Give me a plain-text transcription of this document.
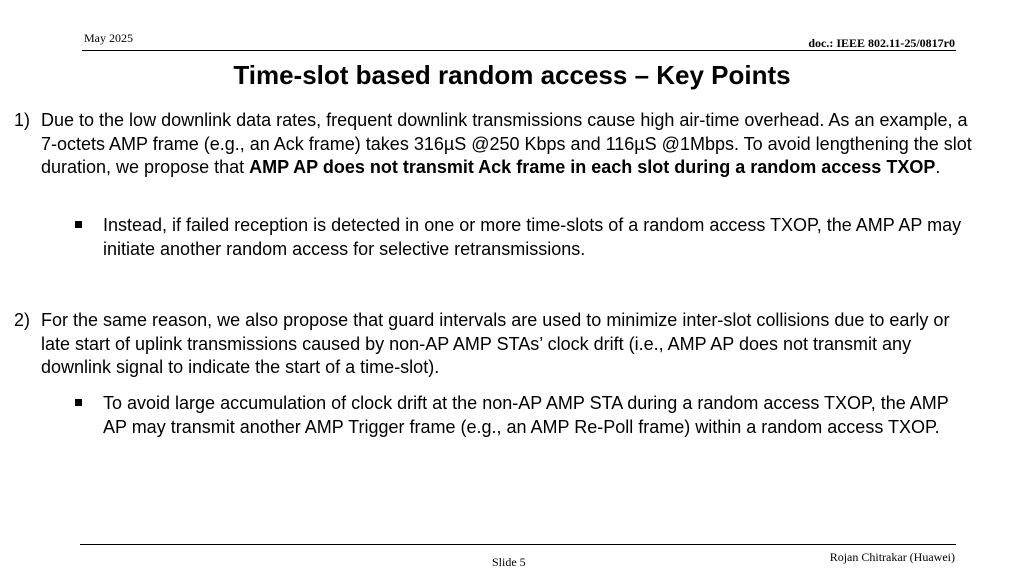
May 2025	doc.: IEEE 802.11-25/0817r0
Time-slot based random access – Key Points
1) Due to the low downlink data rates, frequent downlink transmissions cause high air-time overhead. As an example, a 7-octets AMP frame (e.g., an Ack frame) takes 316µS @250 Kbps and 116µS @1Mbps. To avoid lengthening the slot duration, we propose that AMP AP does not transmit Ack frame in each slot during a random access TXOP.
Instead, if failed reception is detected in one or more time-slots of a random access TXOP, the AMP AP may initiate another random access for selective retransmissions.
2) For the same reason, we also propose that guard intervals are used to minimize inter-slot collisions due to early or late start of uplink transmissions caused by non-AP AMP STAs’ clock drift (i.e., AMP AP does not transmit any downlink signal to indicate the start of a time-slot).
To avoid large accumulation of clock drift at the non-AP AMP STA during a random access TXOP, the AMP AP may transmit another AMP Trigger frame (e.g., an AMP Re-Poll frame) within a random access TXOP.
Slide 5	Rojan Chitrakar (Huawei)
